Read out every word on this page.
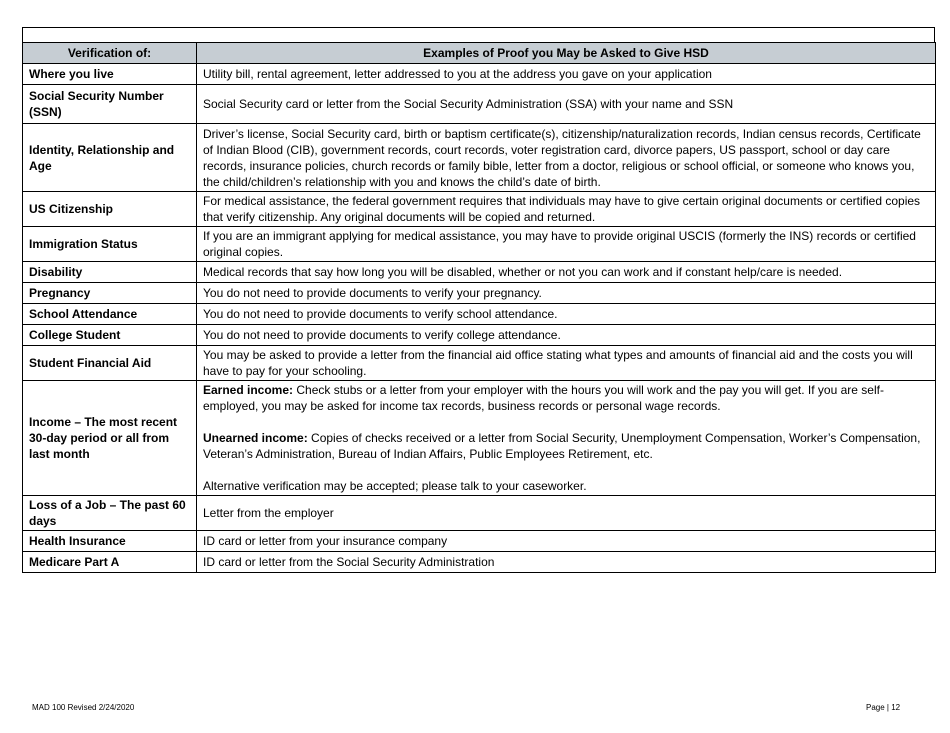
Verification of:	Examples of Proof you May be Asked to Give HSD
Where you live	Utility bill, rental agreement, letter addressed to you at the address you gave on your application
Social Security Number (SSN)	Social Security card or letter from the Social Security Administration (SSA) with your name and SSN
Identity, Relationship and Age	Driver’s license, Social Security card, birth or baptism certificate(s), citizenship/naturalization records, Indian census records, Certificate of Indian Blood (CIB), government records, court records, voter registration card, divorce papers, US passport, school or day care records, insurance policies, church records or family bible, letter from a doctor, religious or school official, or someone who knows you, the child/children’s relationship with you and knows the child’s date of birth.
US Citizenship	For medical assistance, the federal government requires that individuals may have to give certain original documents or certified copies that verify citizenship. Any original documents will be copied and returned.
Immigration Status	If you are an immigrant applying for medical assistance, you may have to provide original USCIS (formerly the INS) records or certified original copies.
Disability	Medical records that say how long you will be disabled, whether or not you can work and if constant help/care is needed.
Pregnancy	You do not need to provide documents to verify your pregnancy.
School Attendance	You do not need to provide documents to verify school attendance.
College Student	You do not need to provide documents to verify college attendance.
Student Financial Aid	You may be asked to provide a letter from the financial aid office stating what types and amounts of financial aid and the costs you will have to pay for your schooling.
Income – The most recent 30-day period or all from last month	Earned income: Check stubs or a letter from your employer with the hours you will work and the pay you will get. If you are self-employed, you may be asked for income tax records, business records or personal wage records.
Unearned income: Copies of checks received or a letter from Social Security, Unemployment Compensation, Worker’s Compensation, Veteran’s Administration, Bureau of Indian Affairs, Public Employees Retirement, etc.
Alternative verification may be accepted; please talk to your caseworker.

Loss of a Job – The past 60 days	Letter from the employer
Health Insurance	ID card or letter from your insurance company
Medicare Part A	ID card or letter from the Social Security Administration
MAD 100 Revised 2/24/2020	Page | 12
